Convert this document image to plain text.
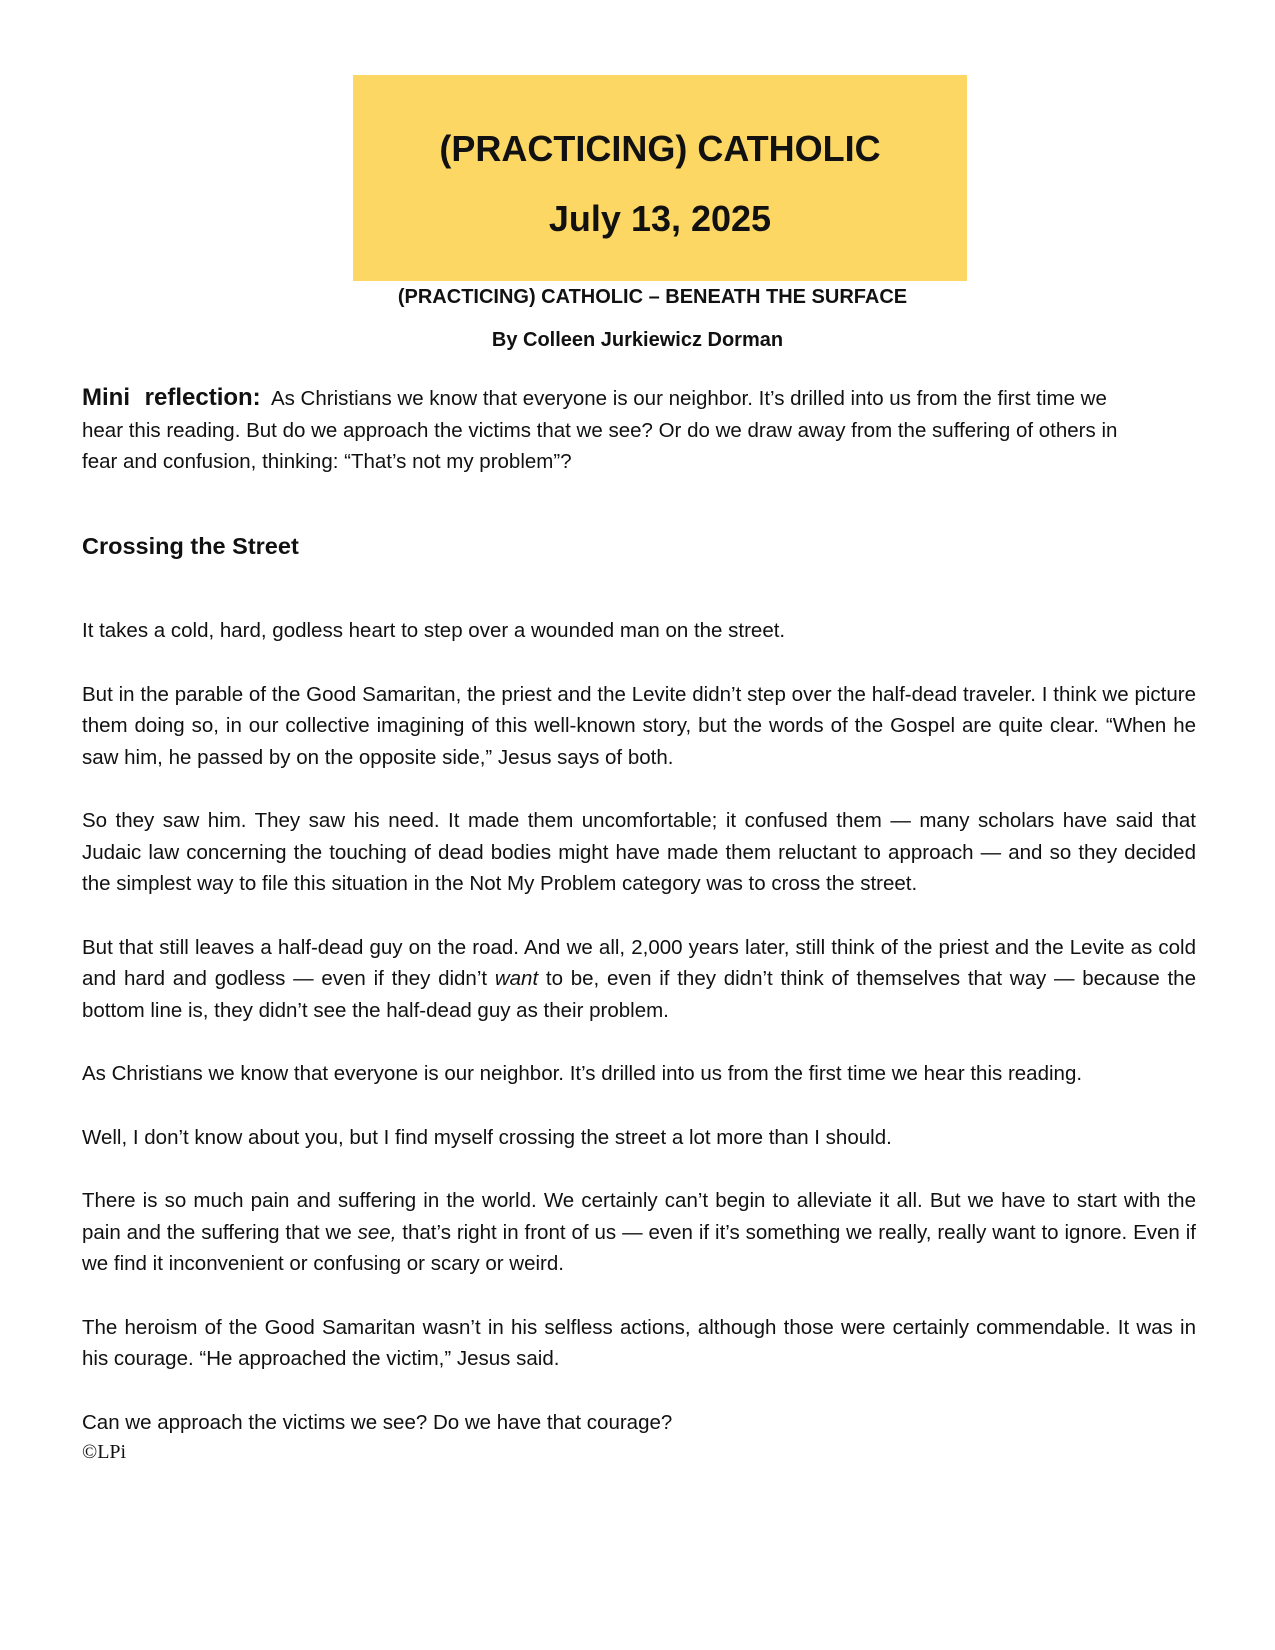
(PRACTICING) CATHOLIC
July 13, 2025
(PRACTICING) CATHOLIC – BENEATH THE SURFACE
By Colleen Jurkiewicz Dorman
Mini reflection: As Christians we know that everyone is our neighbor. It’s drilled into us from the first time we hear this reading. But do we approach the victims that we see? Or do we draw away from the suffering of others in fear and confusion, thinking: “That’s not my problem”?
Crossing the Street

It takes a cold, hard, godless heart to step over a wounded man on the street.

But in the parable of the Good Samaritan, the priest and the Levite didn’t step over the half-dead traveler. I think we picture them doing so, in our collective imagining of this well-known story, but the words of the Gospel are quite clear. “When he saw him, he passed by on the opposite side,” Jesus says of both.

So they saw him. They saw his need. It made them uncomfortable; it confused them — many scholars have said that Judaic law concerning the touching of dead bodies might have made them reluctant to approach — and so they decided the simplest way to file this situation in the Not My Problem category was to cross the street.

But that still leaves a half-dead guy on the road. And we all, 2,000 years later, still think of the priest and the Levite as cold and hard and godless — even if they didn’t want to be, even if they didn’t think of themselves that way — because the bottom line is, they didn’t see the half-dead guy as their problem.

As Christians we know that everyone is our neighbor. It’s drilled into us from the first time we hear this reading.

Well, I don’t know about you, but I find myself crossing the street a lot more than I should.

There is so much pain and suffering in the world. We certainly can’t begin to alleviate it all. But we have to start with the pain and the suffering that we see, that’s right in front of us — even if it’s something we really, really want to ignore. Even if we find it inconvenient or confusing or scary or weird.

The heroism of the Good Samaritan wasn’t in his selfless actions, although those were certainly commendable. It was in his courage. “He approached the victim,” Jesus said.

Can we approach the victims we see? Do we have that courage?

©LPi
